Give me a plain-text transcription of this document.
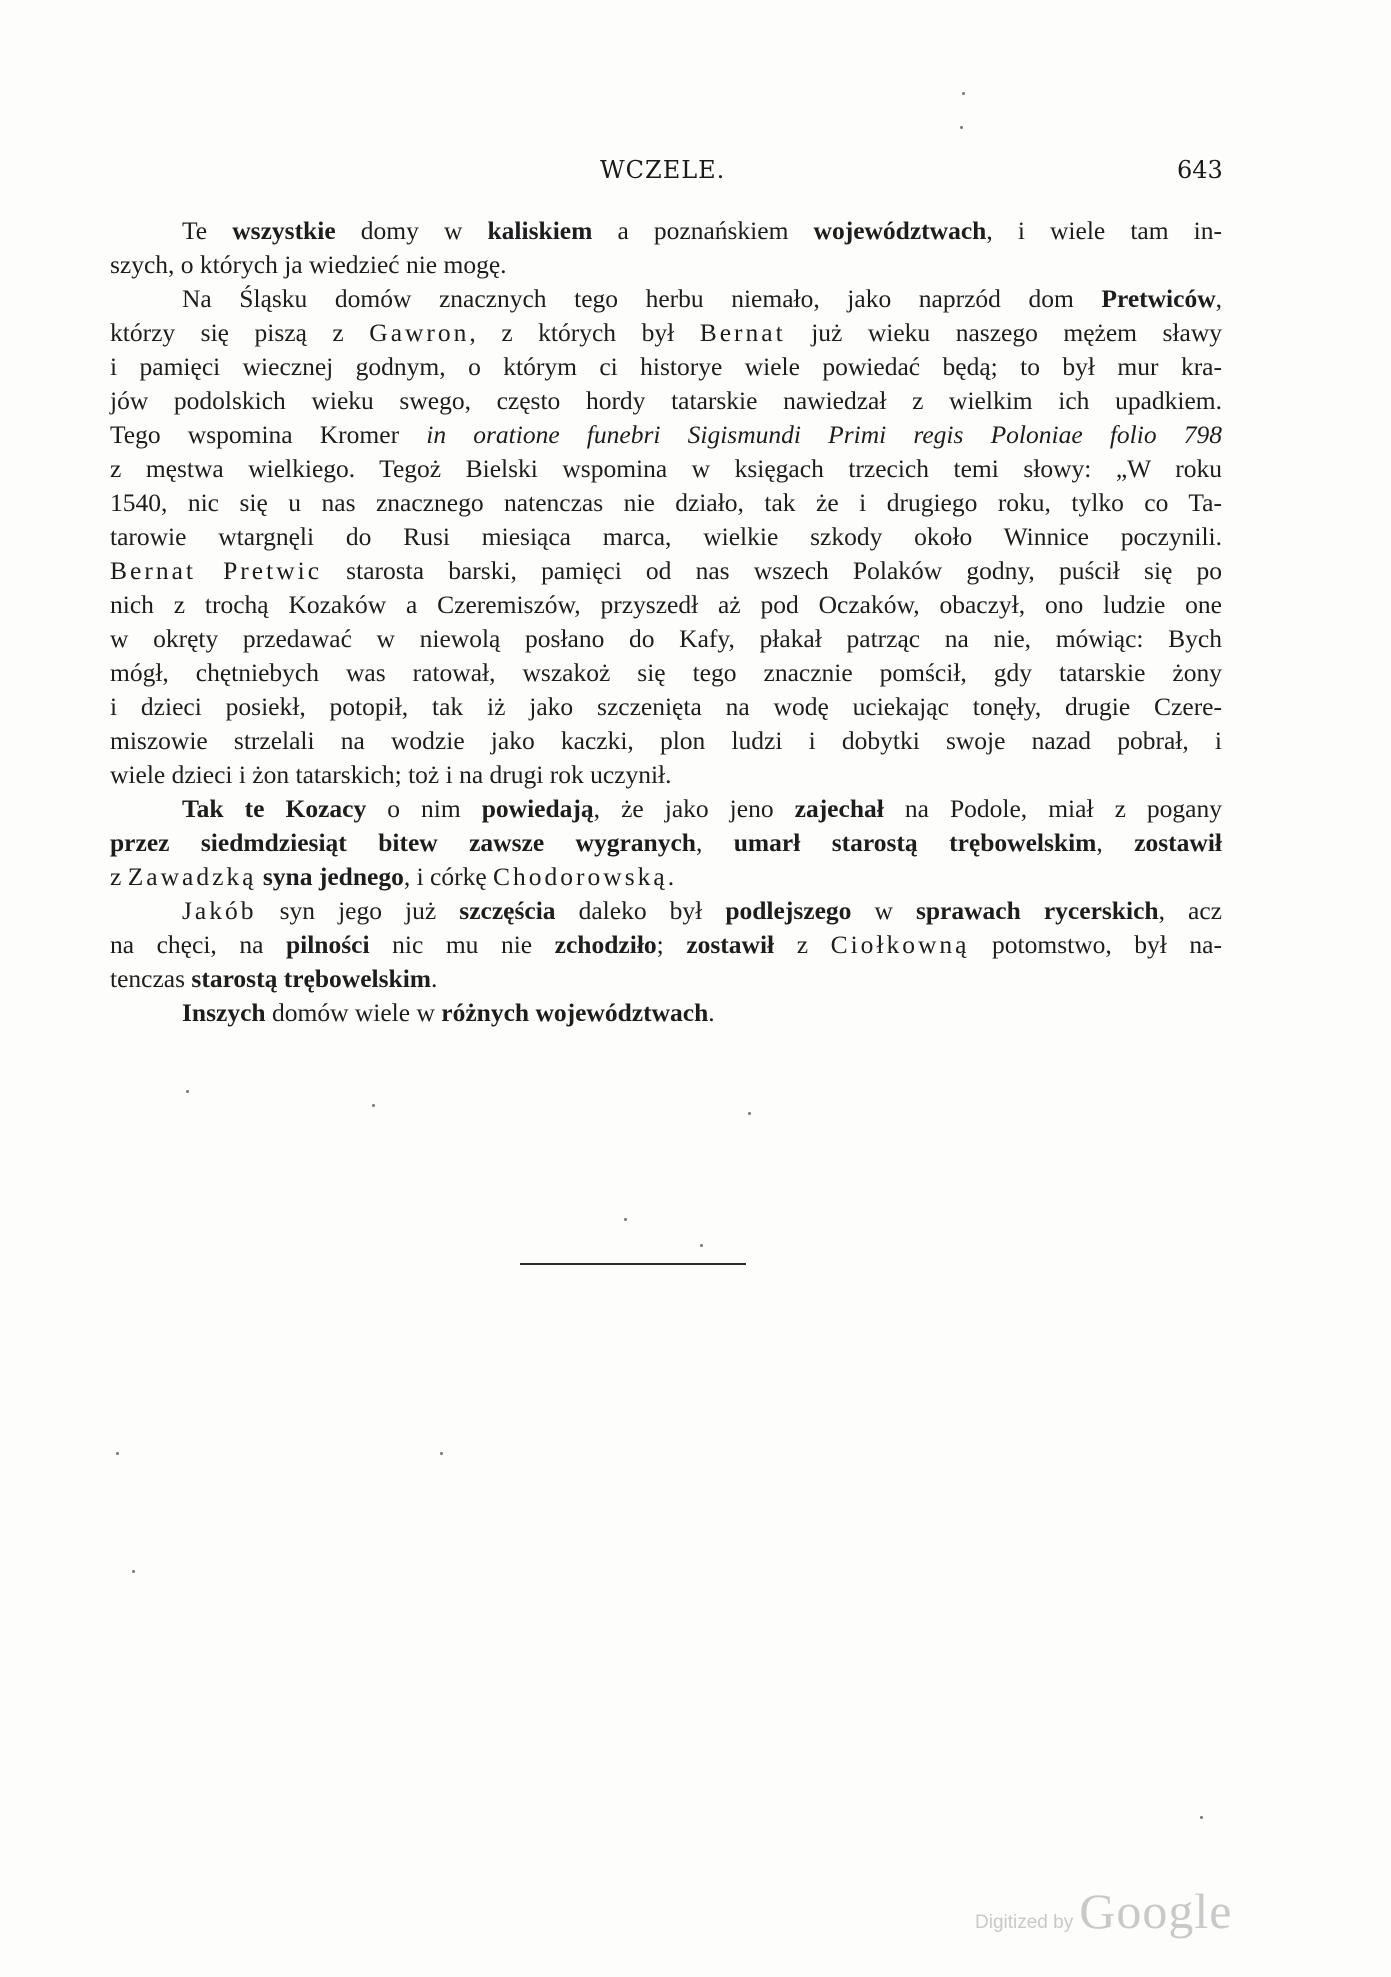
WCZELE.	643

Te wszystkie domy w kaliskiem a poznańskiem województwach, i wiele tam in-
szych, o których ja wiedzieć nie mogę.

Na Śląsku domów znacznych tego herbu niemało, jako naprzód dom Pretwiców,
którzy się piszą z Gawron, z których był Bernat już wieku naszego mężem sławy
i pamięci wiecznej godnym, o którym ci historye wiele powiedać będą; to był mur kra-
jów podolskich wieku swego, często hordy tatarskie nawiedzał z wielkim ich upadkiem.
Tego wspomina Kromer in oratione funebri Sigismundi Primi regis Poloniae folio 798
z męstwa wielkiego. Tegoż Bielski wspomina w księgach trzecich temi słowy: „W roku
1540, nic się u nas znacznego natenczas nie działo, tak że i drugiego roku, tylko co Ta-
tarowie wtargnęli do Rusi miesiąca marca, wielkie szkody około Winnice poczynili.
Bernat Pretwic starosta barski, pamięci od nas wszech Polaków godny, puścił się po
nich z trochą Kozaków a Czeremiszów, przyszedł aż pod Oczaków, obaczył, ono ludzie one
w okręty przedawać w niewolą posłano do Kafy, płakał patrząc na nie, mówiąc: Bych
mógł, chętniebych was ratował, wszakoż się tego znacznie pomścił, gdy tatarskie żony
i dzieci posiekł, potopił, tak iż jako szczenięta na wodę uciekając tonęły, drugie Czere-
miszowie strzelali na wodzie jako kaczki, plon ludzi i dobytki swoje nazad pobrał, i
wiele dzieci i żon tatarskich; toż i na drugi rok uczynił.

Tak te Kozacy o nim powiedają, że jako jeno zajechał na Podole, miał z pogany
przez siedmdziesiąt bitew zawsze wygranych, umarł starostą trębowelskim, zostawił
z Zawadzką syna jednego, i córkę Chodorowską.

Jakób syn jego już szczęścia daleko był podlejszego w sprawach rycerskich, acz
na chęci, na pilności nic mu nie zchodziło; zostawił z Ciołkowną potomstwo, był na-
tenczas starostą trębowelskim.

Inszych domów wiele w różnych województwach.

Digitized by Google
